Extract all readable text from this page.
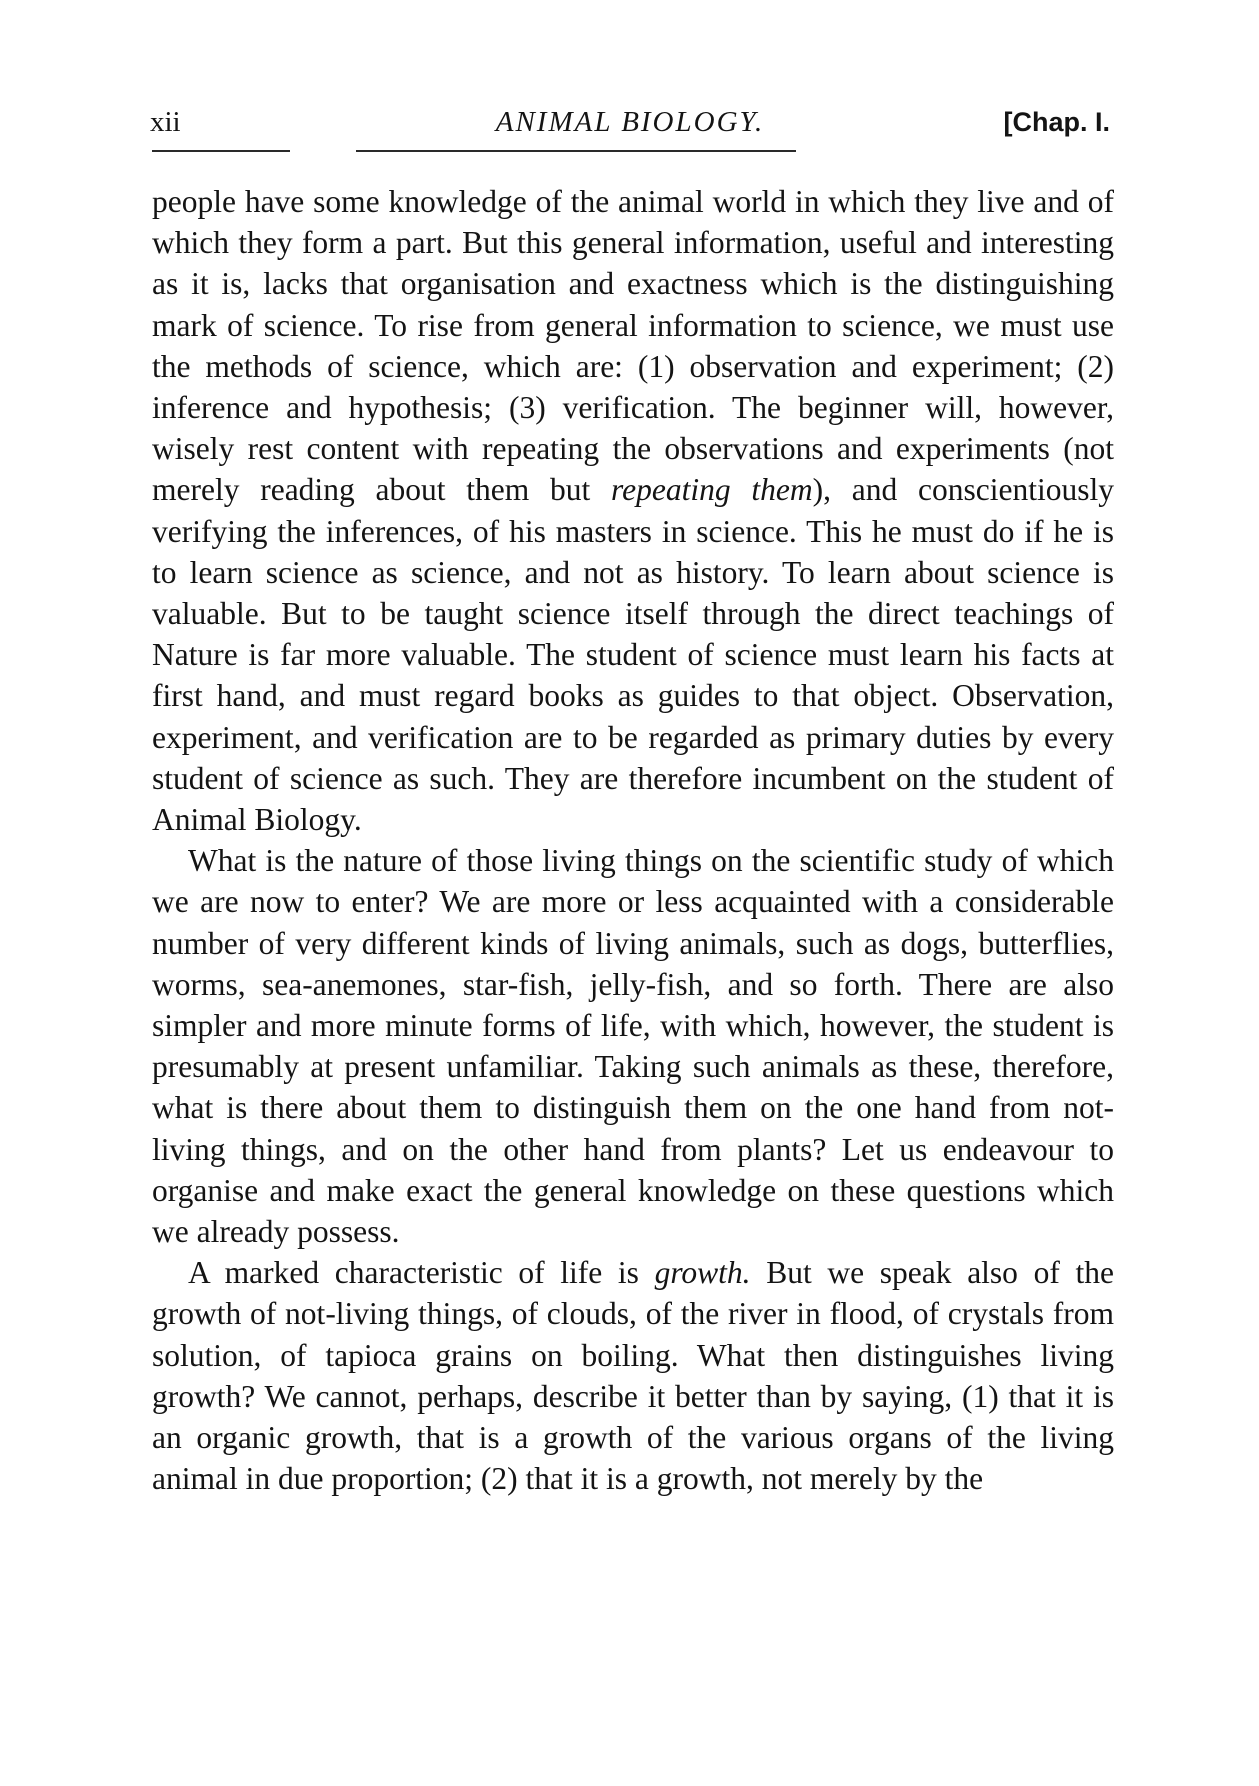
xii	ANIMAL BIOLOGY.	[Chap. I.

people have some knowledge of the animal world in which they live and of which they form a part. But this general information, useful and interesting as it is, lacks that organisation and exactness which is the distinguishing mark of science. To rise from general information to science, we must use the methods of science, which are: (1) observation and experiment; (2) inference and hypothesis; (3) verification. The beginner will, however, wisely rest content with repeating the observations and experiments (not merely reading about them but repeating them), and conscientiously verifying the inferences, of his masters in science. This he must do if he is to learn science as science, and not as history. To learn about science is valuable. But to be taught science itself through the direct teachings of Nature is far more valuable. The student of science must learn his facts at first hand, and must regard books as guides to that object. Observation, experiment, and verification are to be regarded as primary duties by every student of science as such. They are therefore incumbent on the student of Animal Biology.

What is the nature of those living things on the scientific study of which we are now to enter? We are more or less acquainted with a considerable number of very different kinds of living animals, such as dogs, butterflies, worms, sea-anemones, star-fish, jelly-fish, and so forth. There are also simpler and more minute forms of life, with which, however, the student is presumably at present unfamiliar. Taking such animals as these, therefore, what is there about them to distinguish them on the one hand from not-living things, and on the other hand from plants? Let us endeavour to organise and make exact the general knowledge on these questions which we already possess.

A marked characteristic of life is growth. But we speak also of the growth of not-living things, of clouds, of the river in flood, of crystals from solution, of tapioca grains on boiling. What then distinguishes living growth? We cannot, perhaps, describe it better than by saying, (1) that it is an organic growth, that is a growth of the various organs of the living animal in due proportion; (2) that it is a growth, not merely by the
